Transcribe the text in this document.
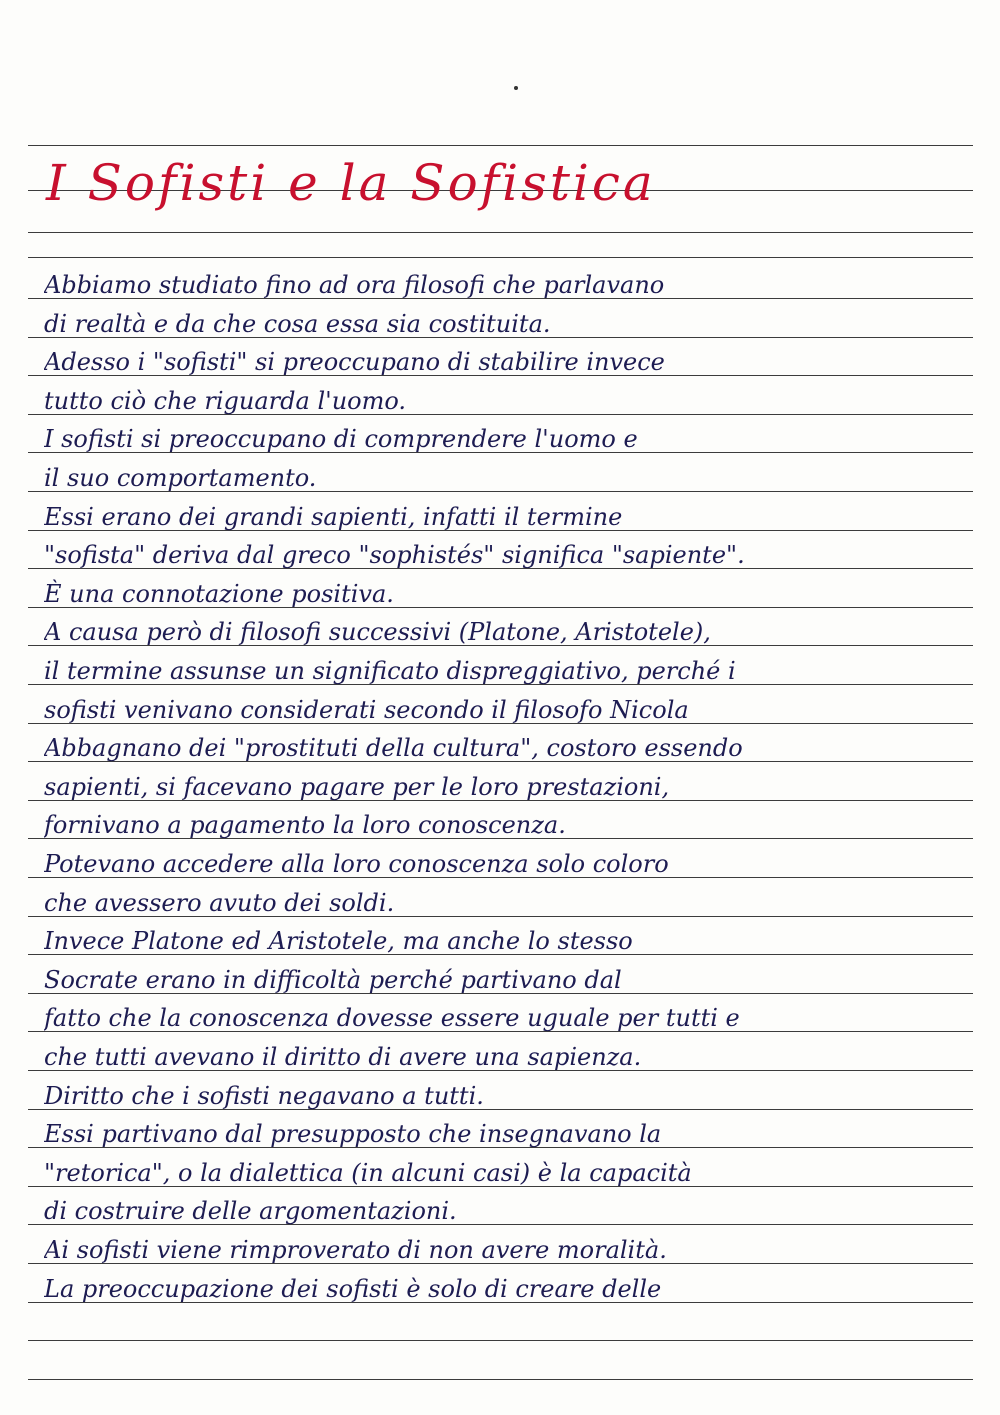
I Sofisti e la Sofistica
Abbiamo studiato fino ad ora filosofi che parlavano
di realtà e da che cosa essa sia costituita.
Adesso i "sofisti" si preoccupano di stabilire invece
tutto ciò che riguarda l'uomo.
I sofisti si preoccupano di comprendere l'uomo e
il suo comportamento.
Essi erano dei grandi sapienti, infatti il termine
"sofista" deriva dal greco "sophistés" significa "sapiente".
È una connotazione positiva.
A causa però di filosofi successivi (Platone, Aristotele),
il termine assunse un significato dispreggiativo, perché i
sofisti venivano considerati secondo il filosofo Nicola
Abbagnano dei "prostituti della cultura", costoro essendo
sapienti, si facevano pagare per le loro prestazioni,
fornivano a pagamento la loro conoscenza.
Potevano accedere alla loro conoscenza solo coloro
che avessero avuto dei soldi.
Invece Platone ed Aristotele, ma anche lo stesso
Socrate erano in difficoltà perché partivano dal
fatto che la conoscenza dovesse essere uguale per tutti e
che tutti avevano il diritto di avere una sapienza.
Diritto che i sofisti negavano a tutti.
Essi partivano dal presupposto che insegnavano la
"retorica", o la dialettica (in alcuni casi) è la capacità
di costruire delle argomentazioni.
Ai sofisti viene rimproverato di non avere moralità.
La preoccupazione dei sofisti è solo di creare delle
